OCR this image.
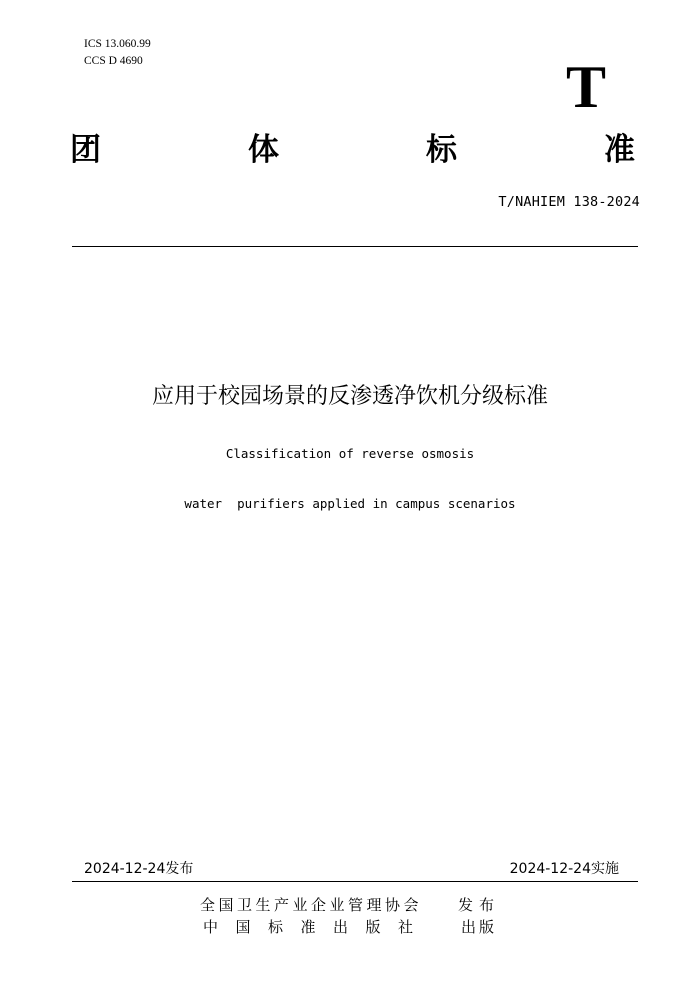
ICS 13.060.99
CCS D 4690	T
团	体	标	准
T/NAHIEM 138-2024
应用于校园场景的反渗透净饮机分级标准
Classification of reverse osmosis
water  purifiers applied in campus scenarios
2024-12-24发布	2024-12-24实施
全国卫生产业企业管理协会	发布
中国标准出版社 出版
